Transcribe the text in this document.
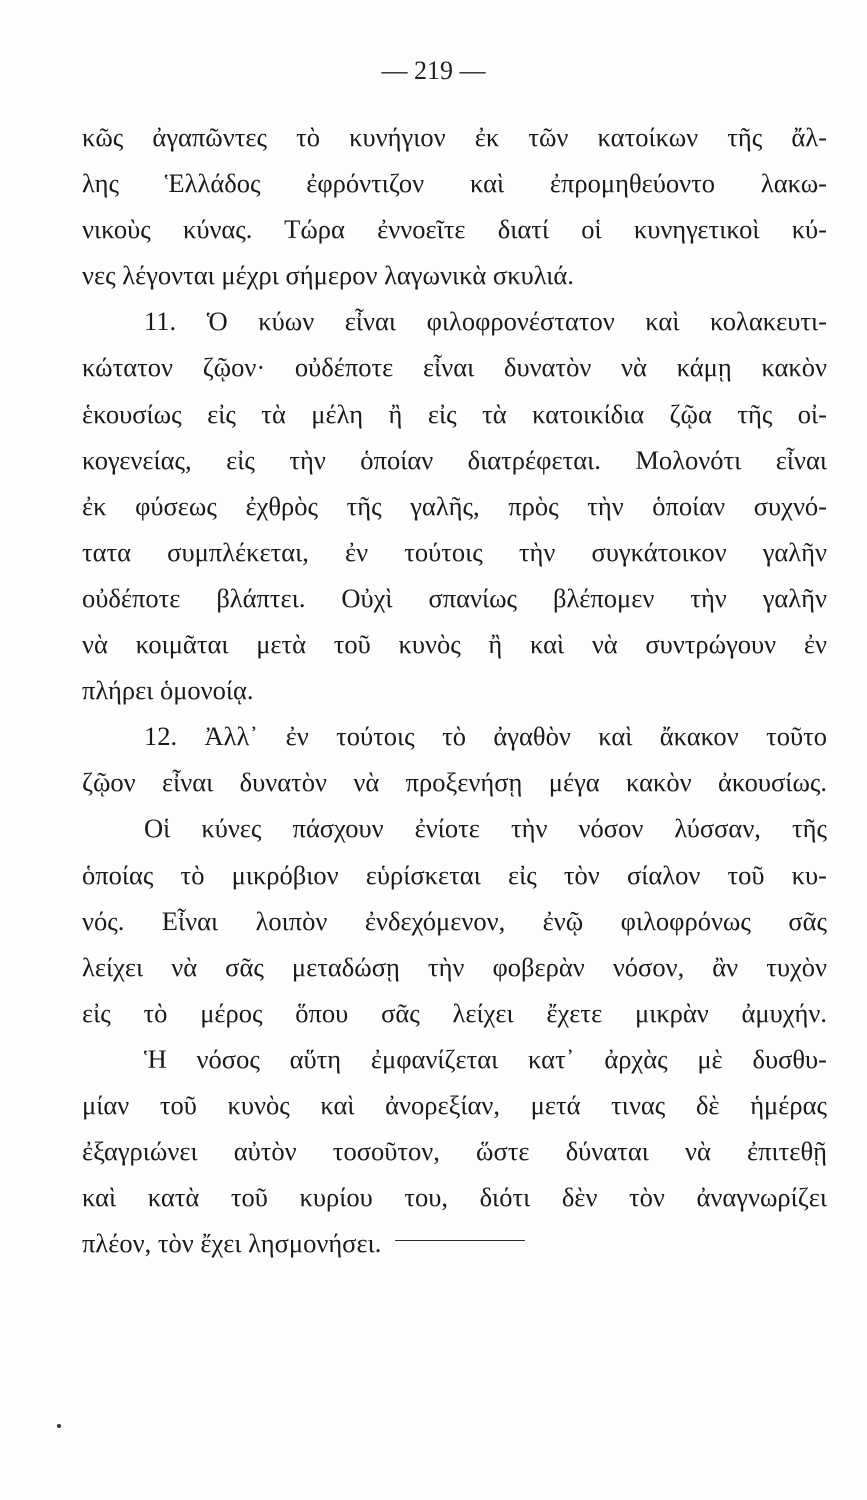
— 219 —
κῶς ἀγαπῶντες τὸ κυνήγιον ἐκ τῶν κατοίκων τῆς ἄλ-
λης Ἑλλάδος ἐφρόντιζον καὶ ἐπρομηθεύοντο λακω-
νικοὺς κύνας. Τώρα ἐννοεῖτε διατί οἱ κυνηγετικοὶ κύ-
νες λέγονται μέχρι σήμερον λαγωνικὰ σκυλιά.
11. Ὁ κύων εἶναι φιλοφρονέστατον καὶ κολακευτι-
κώτατον ζῷον· οὐδέποτε εἶναι δυνατὸν νὰ κάμῃ κακὸν
ἑκουσίως εἰς τὰ μέλη ἢ εἰς τὰ κατοικίδια ζῷα τῆς οἰ-
κογενείας, εἰς τὴν ὁποίαν διατρέφεται. Μολονότι εἶναι
ἐκ φύσεως ἐχθρὸς τῆς γαλῆς, πρὸς τὴν ὁποίαν συχνό-
τατα συμπλέκεται, ἐν τούτοις τὴν συγκάτοικον γαλῆν
οὐδέποτε βλάπτει. Οὐχὶ σπανίως βλέπομεν τὴν γαλῆν
νὰ κοιμᾶται μετὰ τοῦ κυνὸς ἢ καὶ νὰ συντρώγουν ἐν
πλήρει ὁμονοίᾳ.
12. Ἀλλ᾽ ἐν τούτοις τὸ ἀγαθὸν καὶ ἄκακον τοῦτο
ζῷον εἶναι δυνατὸν νὰ προξενήσῃ μέγα κακὸν ἀκουσίως.
Οἱ κύνες πάσχουν ἐνίοτε τὴν νόσον λύσσαν, τῆς
ὁποίας τὸ μικρόβιον εὑρίσκεται εἰς τὸν σίαλον τοῦ κυ-
νός. Εἶναι λοιπὸν ἐνδεχόμενον, ἐνῷ φιλοφρόνως σᾶς
λείχει νὰ σᾶς μεταδώσῃ τὴν φοβερὰν νόσον, ἂν τυχὸν
εἰς τὸ μέρος ὅπου σᾶς λείχει ἔχετε μικρὰν ἀμυχήν.
Ἡ νόσος αὕτη ἐμφανίζεται κατ᾽ ἀρχὰς μὲ δυσθυ-
μίαν τοῦ κυνὸς καὶ ἀνορεξίαν, μετά τινας δὲ ἡμέρας
ἐξαγριώνει αὐτὸν τοσοῦτον, ὥστε δύναται νὰ ἐπιτεθῇ
καὶ κατὰ τοῦ κυρίου του, διότι δὲν τὸν ἀναγνωρίζει
πλέον, τὸν ἔχει λησμονήσει.
